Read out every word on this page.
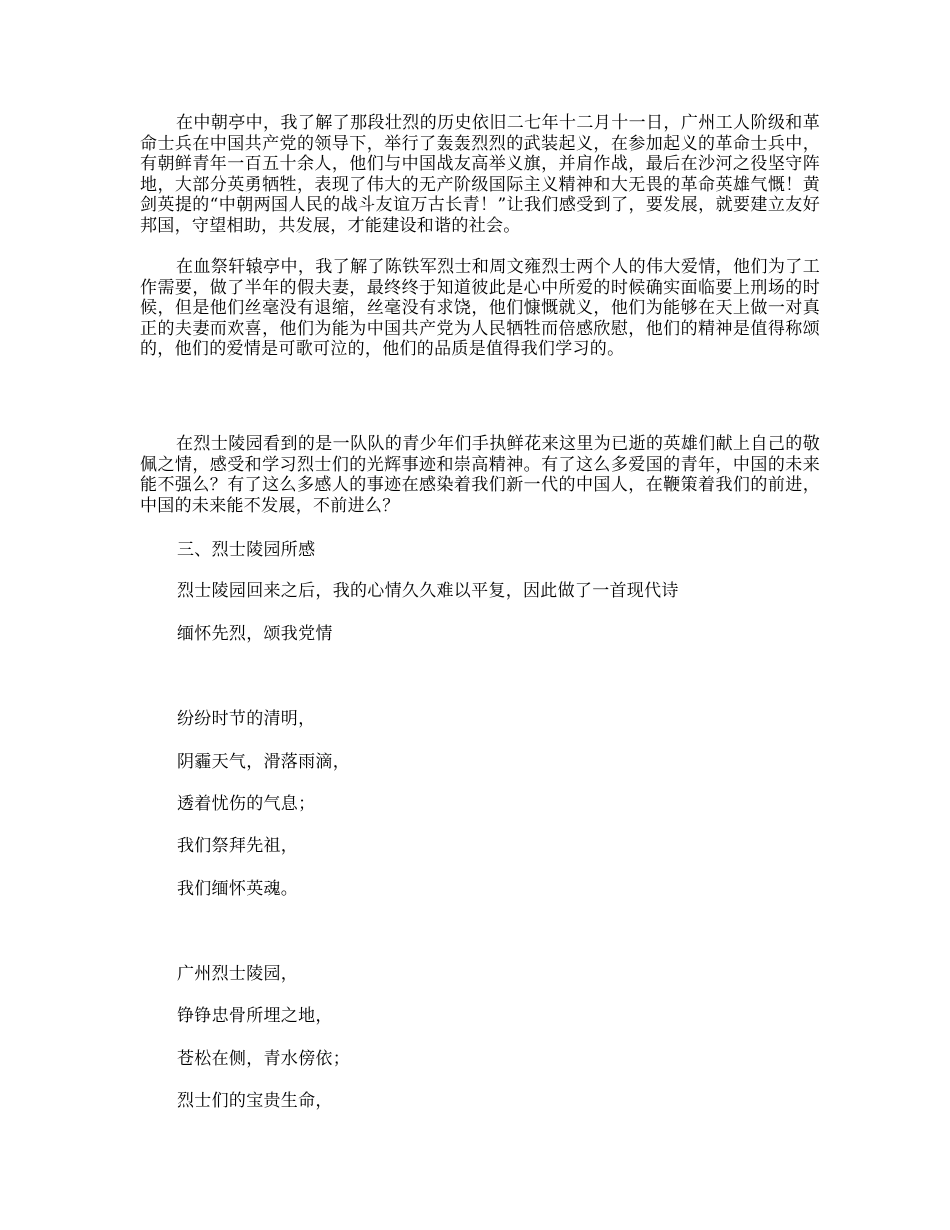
在中朝亭中，我了解了那段壮烈的历史依旧二七年十二月十一日，广州工人阶级和革命士兵在中国共产党的领导下，举行了轰轰烈烈的武装起义，在参加起义的革命士兵中，有朝鲜青年一百五十余人，他们与中国战友高举义旗，并肩作战，最后在沙河之役坚守阵地，大部分英勇牺牲，表现了伟大的无产阶级国际主义精神和大无畏的革命英雄气慨！黄剑英提的“中朝两国人民的战斗友谊万古长青！”让我们感受到了，要发展，就要建立友好邦国，守望相助，共发展，才能建设和谐的社会。

在血祭轩辕亭中，我了解了陈铁军烈士和周文雍烈士两个人的伟大爱情，他们为了工作需要，做了半年的假夫妻，最终终于知道彼此是心中所爱的时候确实面临要上刑场的时候，但是他们丝毫没有退缩，丝毫没有求饶，他们慷慨就义，他们为能够在天上做一对真正的夫妻而欢喜，他们为能为中国共产党为人民牺牲而倍感欣慰，他们的精神是值得称颂的，他们的爱情是可歌可泣的，他们的品质是值得我们学习的。

在烈士陵园看到的是一队队的青少年们手执鲜花来这里为已逝的英雄们献上自己的敬佩之情，感受和学习烈士们的光辉事迹和崇高精神。有了这么多爱国的青年，中国的未来能不强么？有了这么多感人的事迹在感染着我们新一代的中国人，在鞭策着我们的前进，中国的未来能不发展，不前进么？

三、烈士陵园所感

烈士陵园回来之后，我的心情久久难以平复，因此做了一首现代诗

缅怀先烈，颂我党情

纷纷时节的清明，

阴霾天气，滑落雨滴，

透着忧伤的气息；

我们祭拜先祖，

我们缅怀英魂。

广州烈士陵园，

铮铮忠骨所埋之地，

苍松在侧，青水傍依；

烈士们的宝贵生命，
